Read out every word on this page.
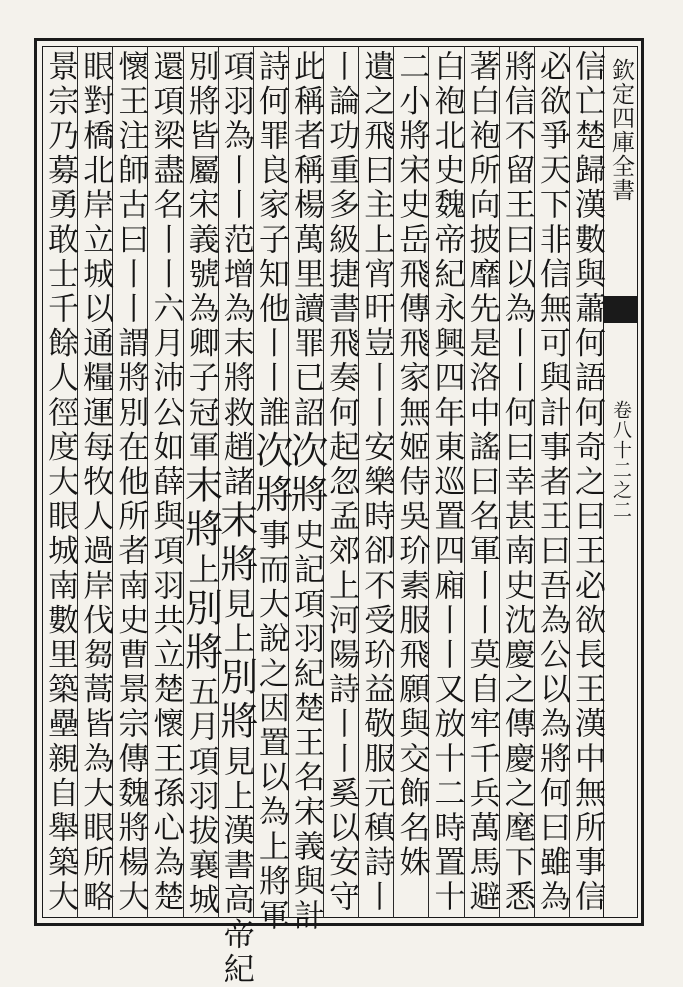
欽定四庫全書
卷八十二之二
信亡楚歸漢數與蕭何語何奇之曰王必欲長王漢中無所事信
必欲爭天下非信無可與計事者王曰吾為公以為將何曰雖為
將信不留王曰以為丨丨何曰幸甚南史沈慶之傳慶之麾下悉
著白袍所向披靡先是洛中謠曰名軍丨丨莫自牢千兵萬馬避
白袍北史魏帝紀永興四年東巡置四廂丨丨又放十二時置十
二小將宋史岳飛傳飛家無姬侍吳玠素服飛願與交飾名姝
遺之飛曰主上宵旰豈丨丨安樂時卻不受玠益敬服元稹詩丨
丨論功重多級捷書飛奏何起忽孟郊上河陽詩丨丨奚以安守
此稱者稱楊萬里讀罪已詔次將史記項羽紀楚王名宋義與計
詩何罪良家子知他丨丨誰次將事而大說之因置以為上將軍
項羽為丨丨范增為末將救趙諸末將見上別將見上漢書高帝紀
別將皆屬宋義號為卿子冠軍末將上別將五月項羽拔襄城
還項梁盡名丨丨六月沛公如薛與項羽共立楚懷王孫心為楚
懷王注師古曰丨丨謂將別在他所者南史曹景宗傳魏將楊大
眼對橋北岸立城以通糧運每牧人過岸伐芻蒿皆為大眼所略
景宗乃募勇敢士千餘人徑度大眼城南數里築壘親自舉築大
